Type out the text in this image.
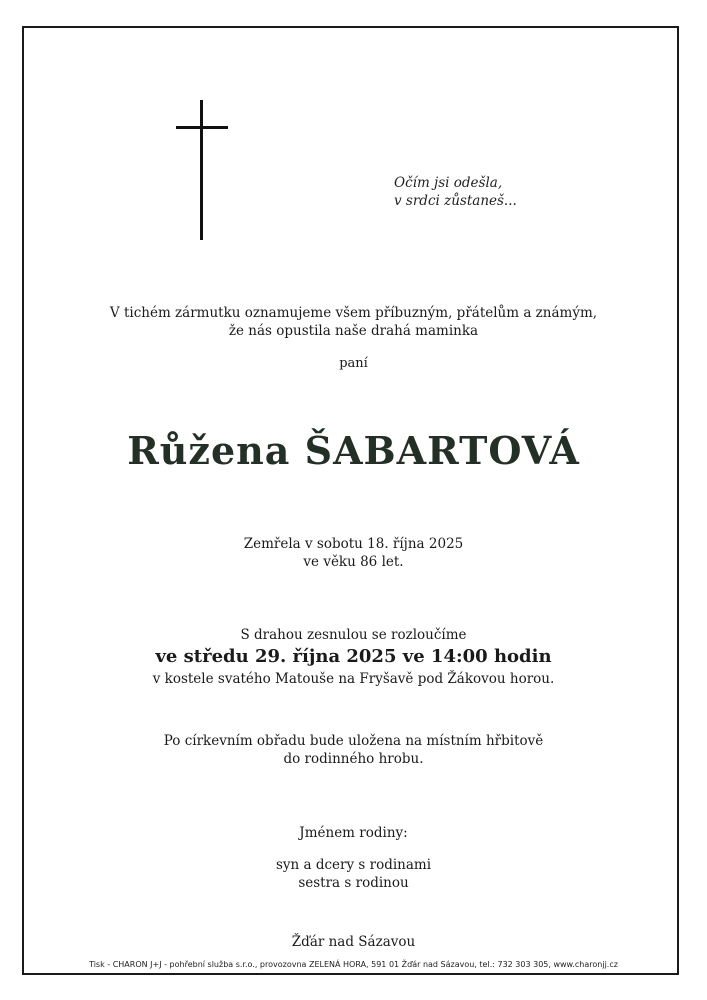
Očím jsi odešla,
v srdci zůstaneš...
V tichém zármutku oznamujeme všem příbuzným, přátelům a známým,
že nás opustila naše drahá maminka
paní
Růžena ŠABARTOVÁ
Zemřela v sobotu 18. října 2025
ve věku 86 let.
S drahou zesnulou se rozloučíme
ve středu 29. října 2025 ve 14:00 hodin
v kostele svatého Matouše na Fryšavě pod Žákovou horou.
Po církevním obřadu bude uložena na místním hřbitově
do rodinného hrobu.
Jménem rodiny:
syn a dcery s rodinami
sestra s rodinou
Žďár nad Sázavou
Tisk - CHARON J+J - pohřební služba s.r.o., provozovna ZELENÁ HORA, 591 01 Žďár nad Sázavou, tel.: 732 303 305, www.charonjj.cz
